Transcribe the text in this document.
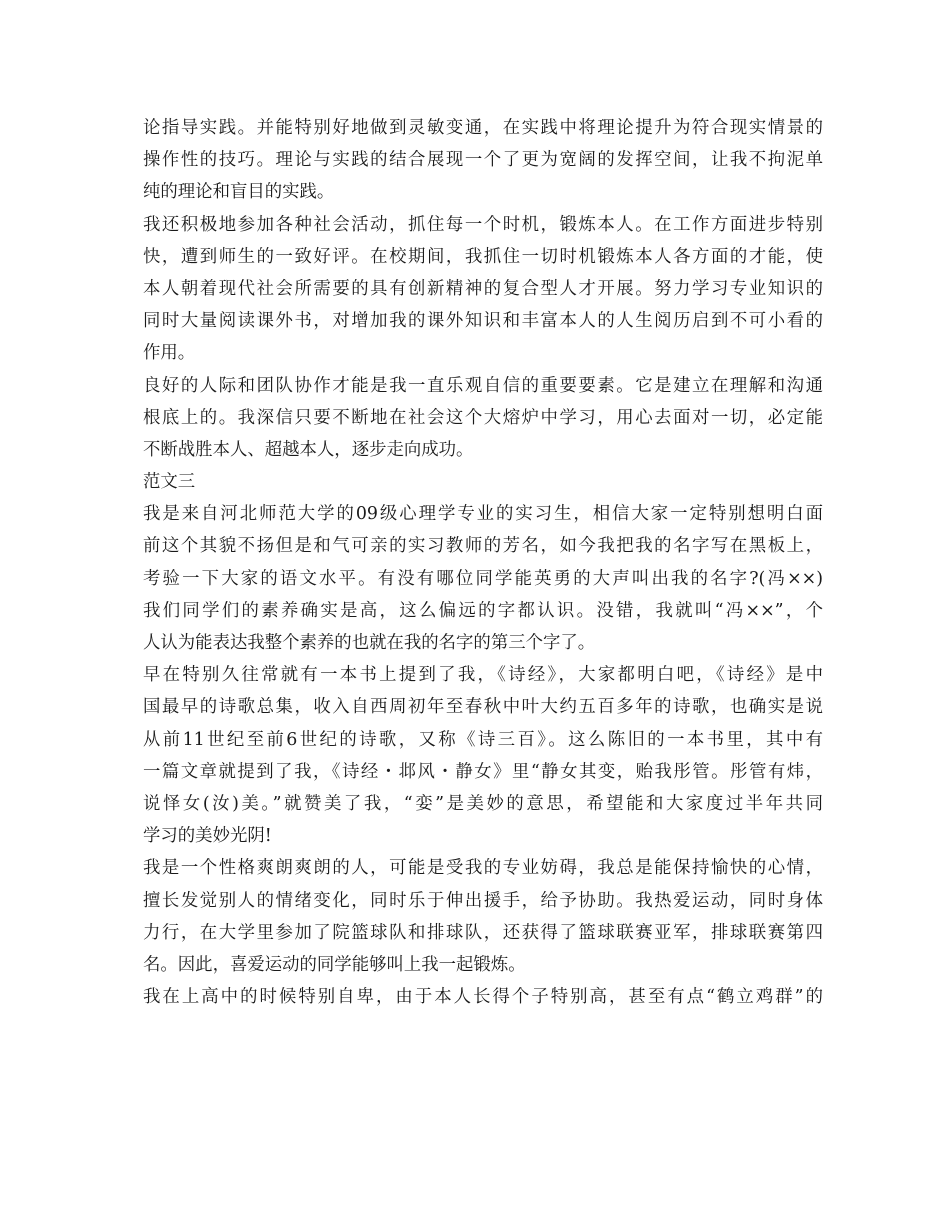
论指导实践。并能特别好地做到灵敏变通，在实践中将理论提升为符合现实情景的
操作性的技巧。理论与实践的结合展现一个了更为宽阔的发挥空间，让我不拘泥单
纯的理论和盲目的实践。
我还积极地参加各种社会活动，抓住每一个时机，锻炼本人。在工作方面进步特别
快，遭到师生的一致好评。在校期间，我抓住一切时机锻炼本人各方面的才能，使
本人朝着现代社会所需要的具有创新精神的复合型人才开展。努力学习专业知识的
同时大量阅读课外书，对增加我的课外知识和丰富本人的人生阅历启到不可小看的
作用。
良好的人际和团队协作才能是我一直乐观自信的重要要素。它是建立在理解和沟通
根底上的。我深信只要不断地在社会这个大熔炉中学习，用心去面对一切，必定能
不断战胜本人、超越本人，逐步走向成功。
范文三
我是来自河北师范大学的09级心理学专业的实习生，相信大家一定特别想明白面
前这个其貌不扬但是和气可亲的实习教师的芳名，如今我把我的名字写在黑板上，
考验一下大家的语文水平。有没有哪位同学能英勇的大声叫出我的名字?(冯××)
我们同学们的素养确实是高，这么偏远的字都认识。没错，我就叫“冯××”，个
人认为能表达我整个素养的也就在我的名字的第三个字了。
早在特别久往常就有一本书上提到了我，《诗经》，大家都明白吧，《诗经》是中
国最早的诗歌总集，收入自西周初年至春秋中叶大约五百多年的诗歌，也确实是说
从前11世纪至前6世纪的诗歌，又称《诗三百》。这么陈旧的一本书里，其中有
一篇文章就提到了我，《诗经・邶风・静女》里“静女其变，贻我彤管。彤管有炜，
说怿女(汝)美。”就赞美了我，“娈”是美妙的意思，希望能和大家度过半年共同
学习的美妙光阴!
我是一个性格爽朗爽朗的人，可能是受我的专业妨碍，我总是能保持愉快的心情，
擅长发觉别人的情绪变化，同时乐于伸出援手，给予协助。我热爱运动，同时身体
力行，在大学里参加了院篮球队和排球队，还获得了篮球联赛亚军，排球联赛第四
名。因此，喜爱运动的同学能够叫上我一起锻炼。
我在上高中的时候特别自卑，由于本人长得个子特别高，甚至有点“鹤立鸡群”的
